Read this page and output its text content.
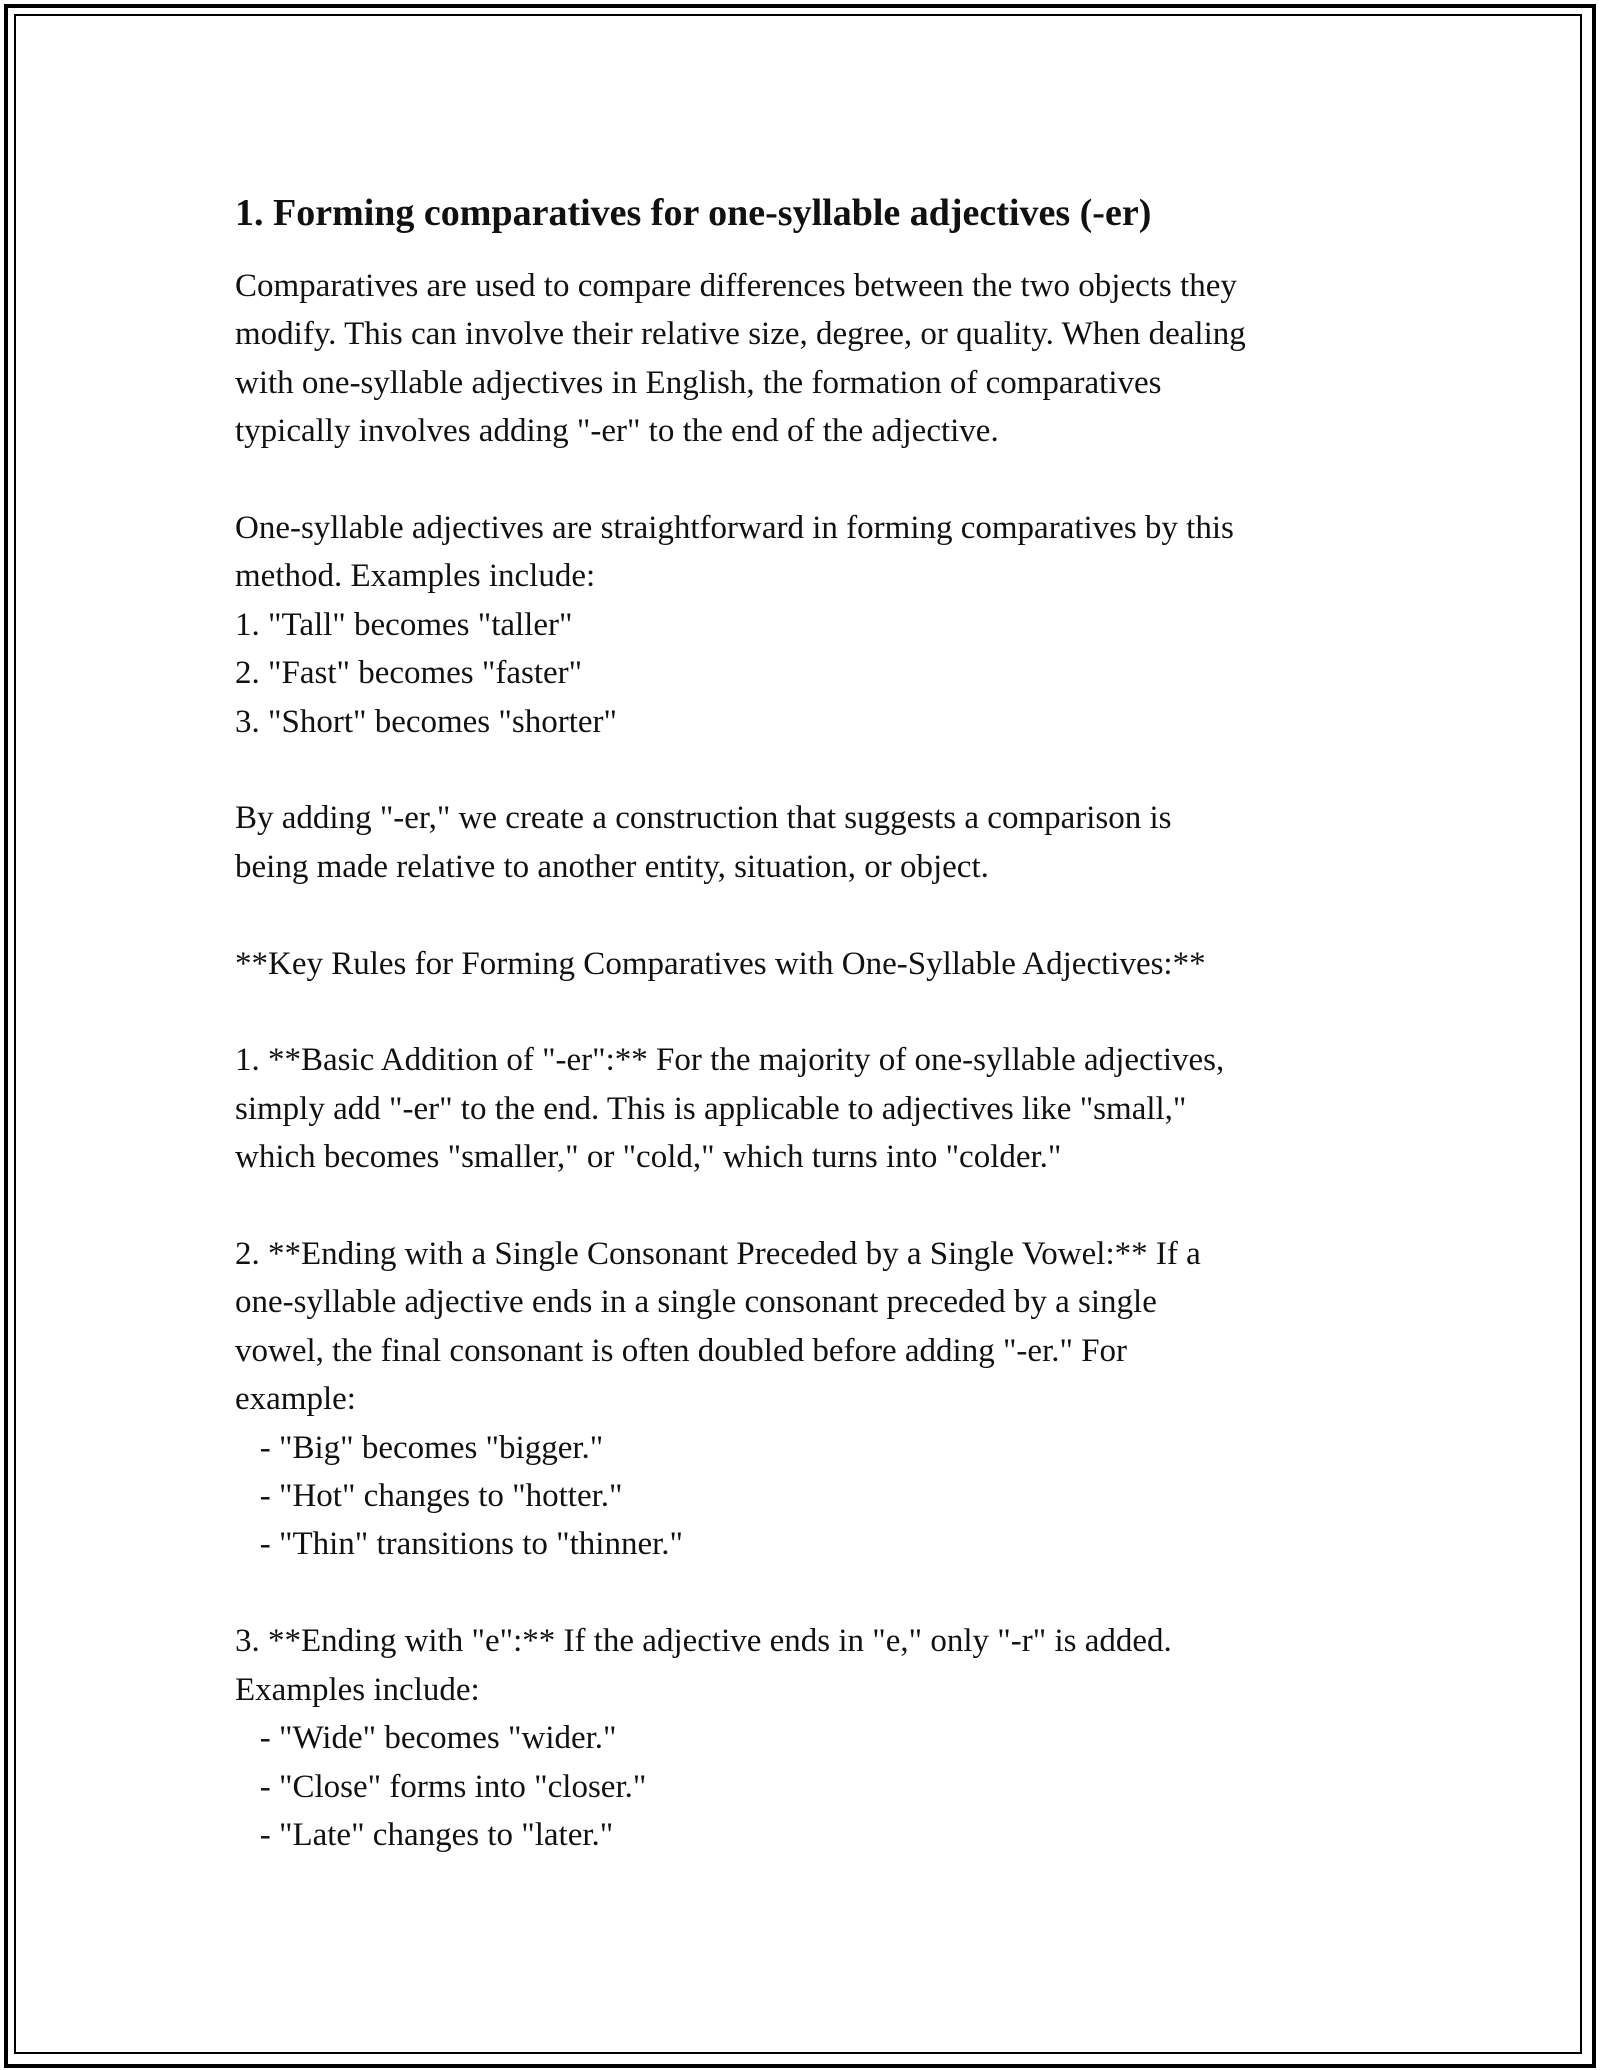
1. Forming comparatives for one-syllable adjectives (-er)
Comparatives are used to compare differences between the two objects they
modify. This can involve their relative size, degree, or quality. When dealing
with one-syllable adjectives in English, the formation of comparatives
typically involves adding "-er" to the end of the adjective.
One-syllable adjectives are straightforward in forming comparatives by this
method. Examples include:
1. "Tall" becomes "taller"
2. "Fast" becomes "faster"
3. "Short" becomes "shorter"
By adding "-er," we create a construction that suggests a comparison is
being made relative to another entity, situation, or object.
**Key Rules for Forming Comparatives with One-Syllable Adjectives:**
1. **Basic Addition of "-er":** For the majority of one-syllable adjectives,
simply add "-er" to the end. This is applicable to adjectives like "small,"
which becomes "smaller," or "cold," which turns into "colder."
2. **Ending with a Single Consonant Preceded by a Single Vowel:** If a
one-syllable adjective ends in a single consonant preceded by a single
vowel, the final consonant is often doubled before adding "-er." For
example:
- "Big" becomes "bigger."
- "Hot" changes to "hotter."
- "Thin" transitions to "thinner."
3. **Ending with "e":** If the adjective ends in "e," only "-r" is added.
Examples include:
- "Wide" becomes "wider."
- "Close" forms into "closer."
- "Late" changes to "later."
